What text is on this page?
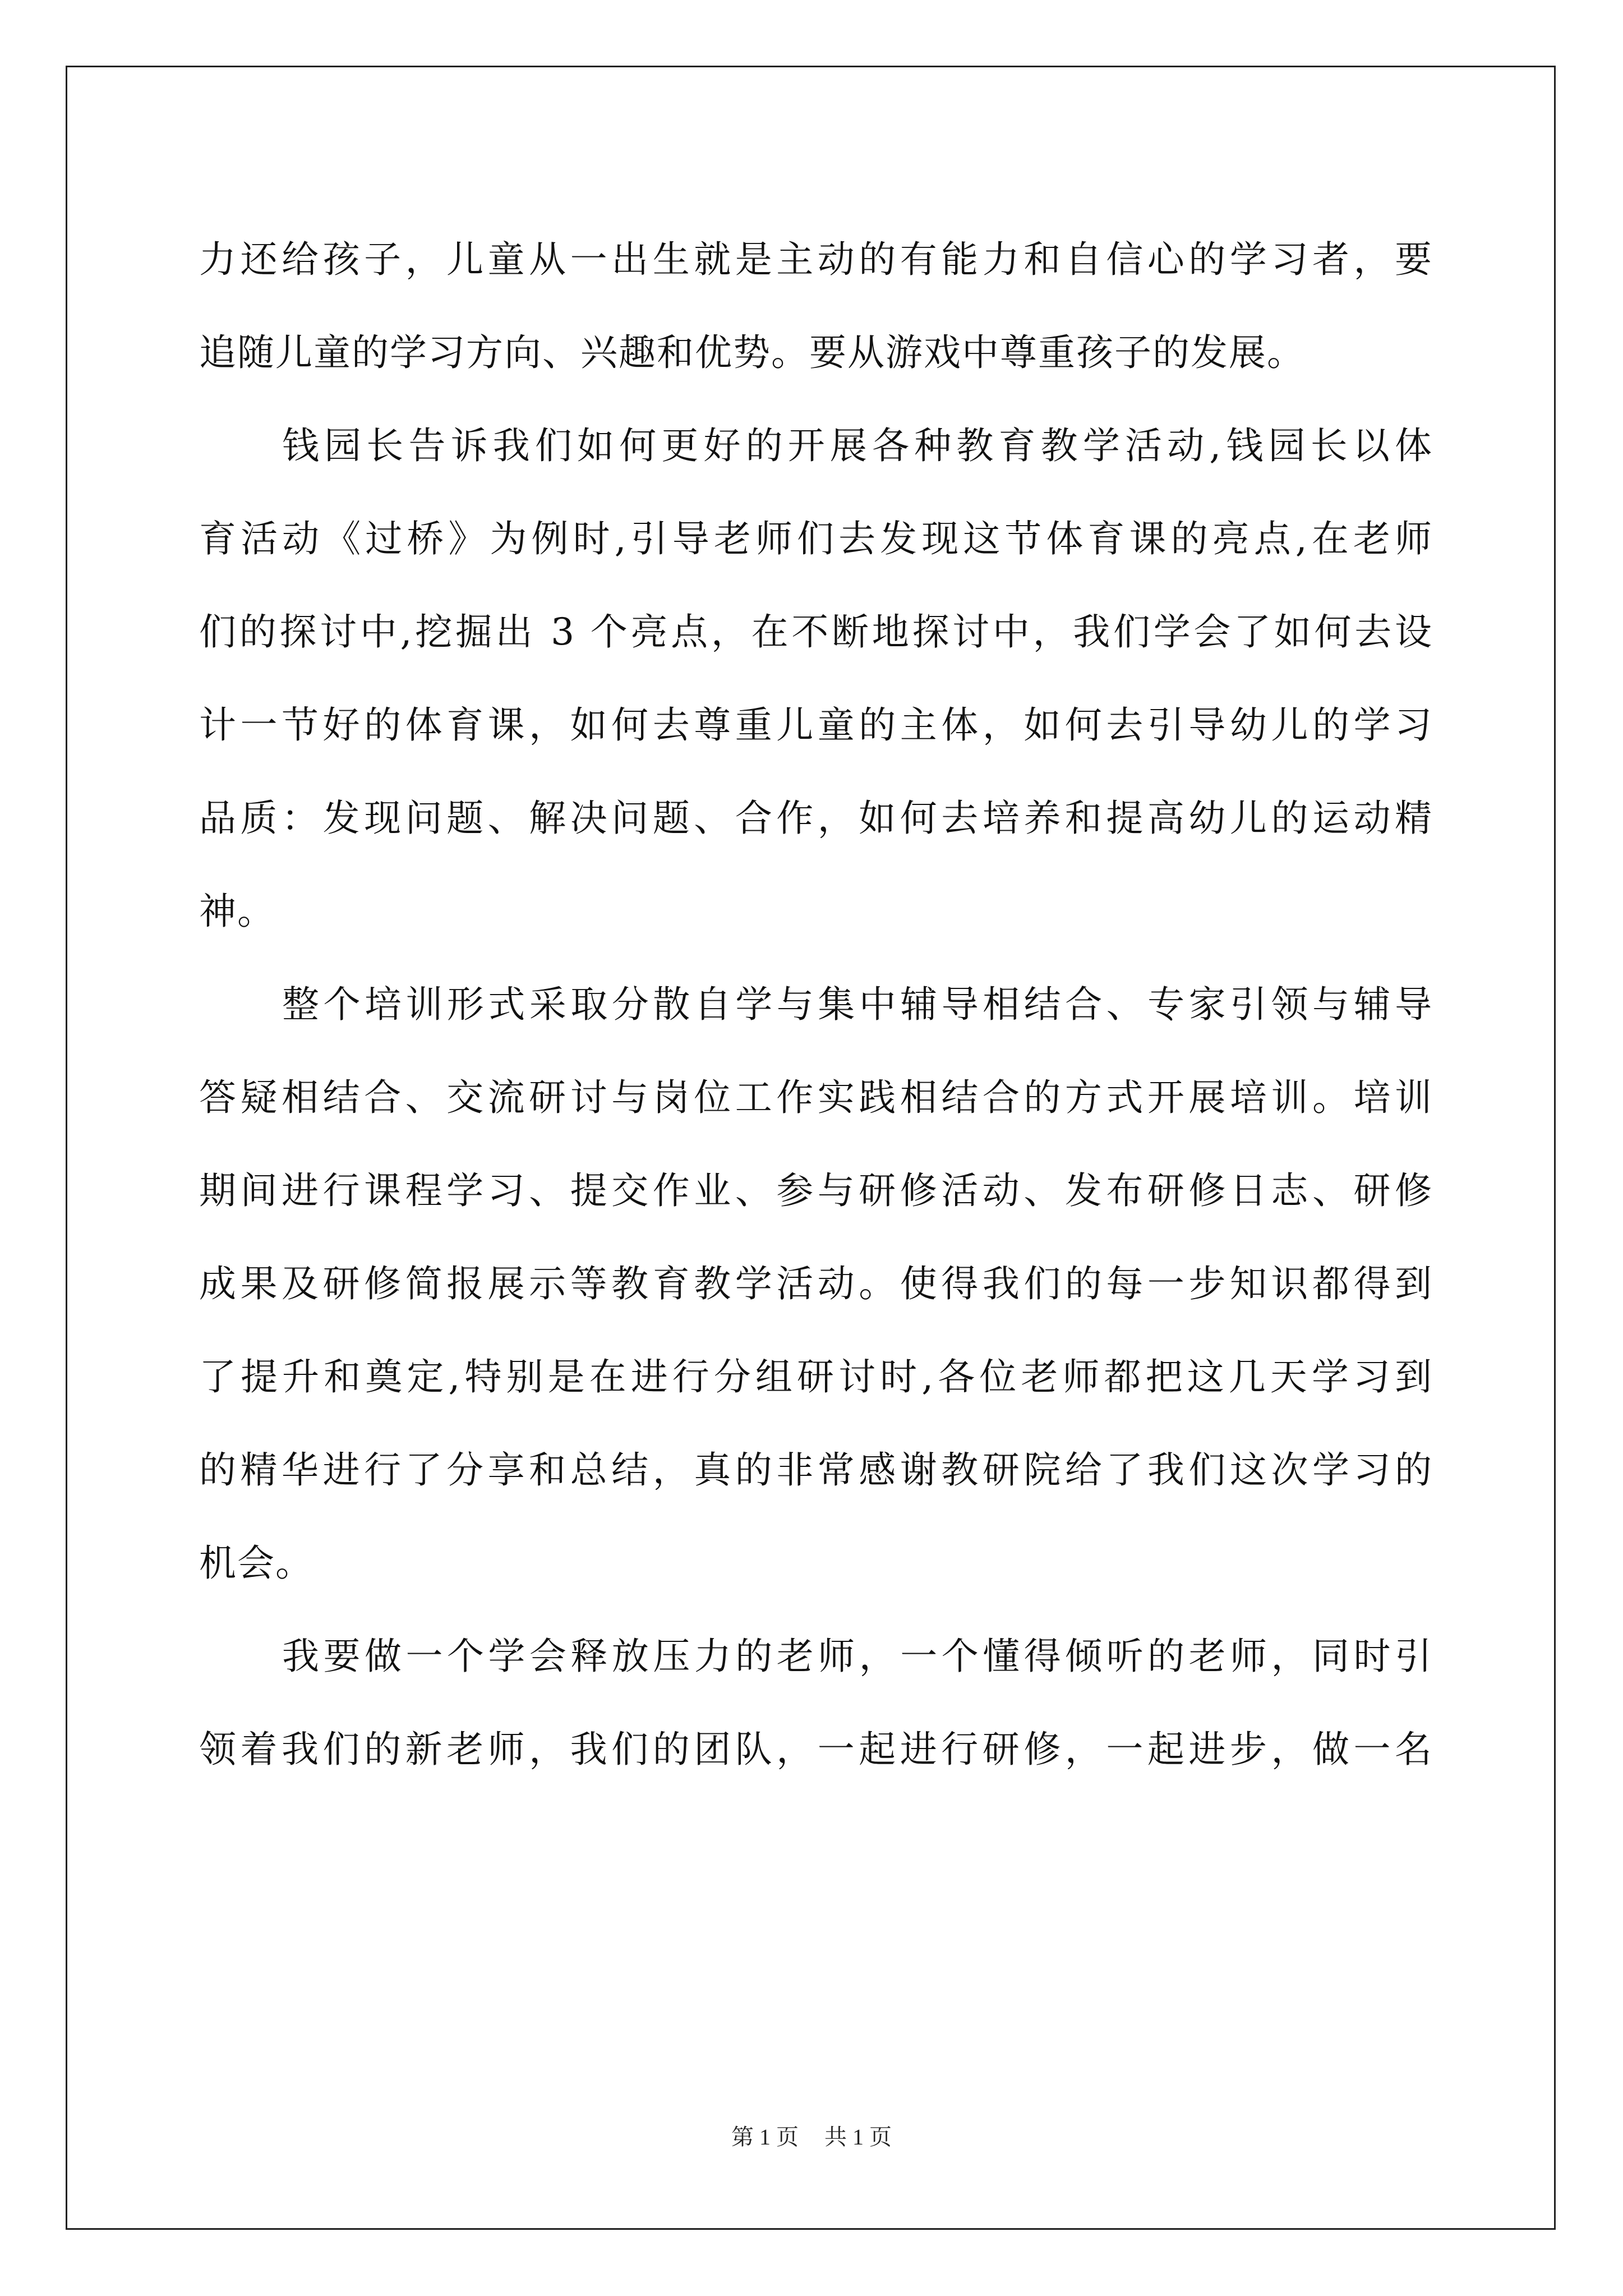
力还给孩子，儿童从一出生就是主动的有能力和自信心的学习者，要
追随儿童的学习方向、兴趣和优势。要从游戏中尊重孩子的发展。
钱园长告诉我们如何更好的开展各种教育教学活动,钱园长以体
育活动《过桥》为例时,引导老师们去发现这节体育课的亮点,在老师
们的探讨中,挖掘出 3 个亮点，在不断地探讨中，我们学会了如何去设
计一节好的体育课，如何去尊重儿童的主体，如何去引导幼儿的学习
品质：发现问题、解决问题、合作，如何去培养和提高幼儿的运动精
神。
整个培训形式采取分散自学与集中辅导相结合、专家引领与辅导
答疑相结合、交流研讨与岗位工作实践相结合的方式开展培训。培训
期间进行课程学习、提交作业、参与研修活动、发布研修日志、研修
成果及研修简报展示等教育教学活动。使得我们的每一步知识都得到
了提升和奠定,特别是在进行分组研讨时,各位老师都把这几天学习到
的精华进行了分享和总结，真的非常感谢教研院给了我们这次学习的
机会。
我要做一个学会释放压力的老师，一个懂得倾听的老师，同时引
领着我们的新老师，我们的团队，一起进行研修，一起进步，做一名
第 1 页 共 1 页
